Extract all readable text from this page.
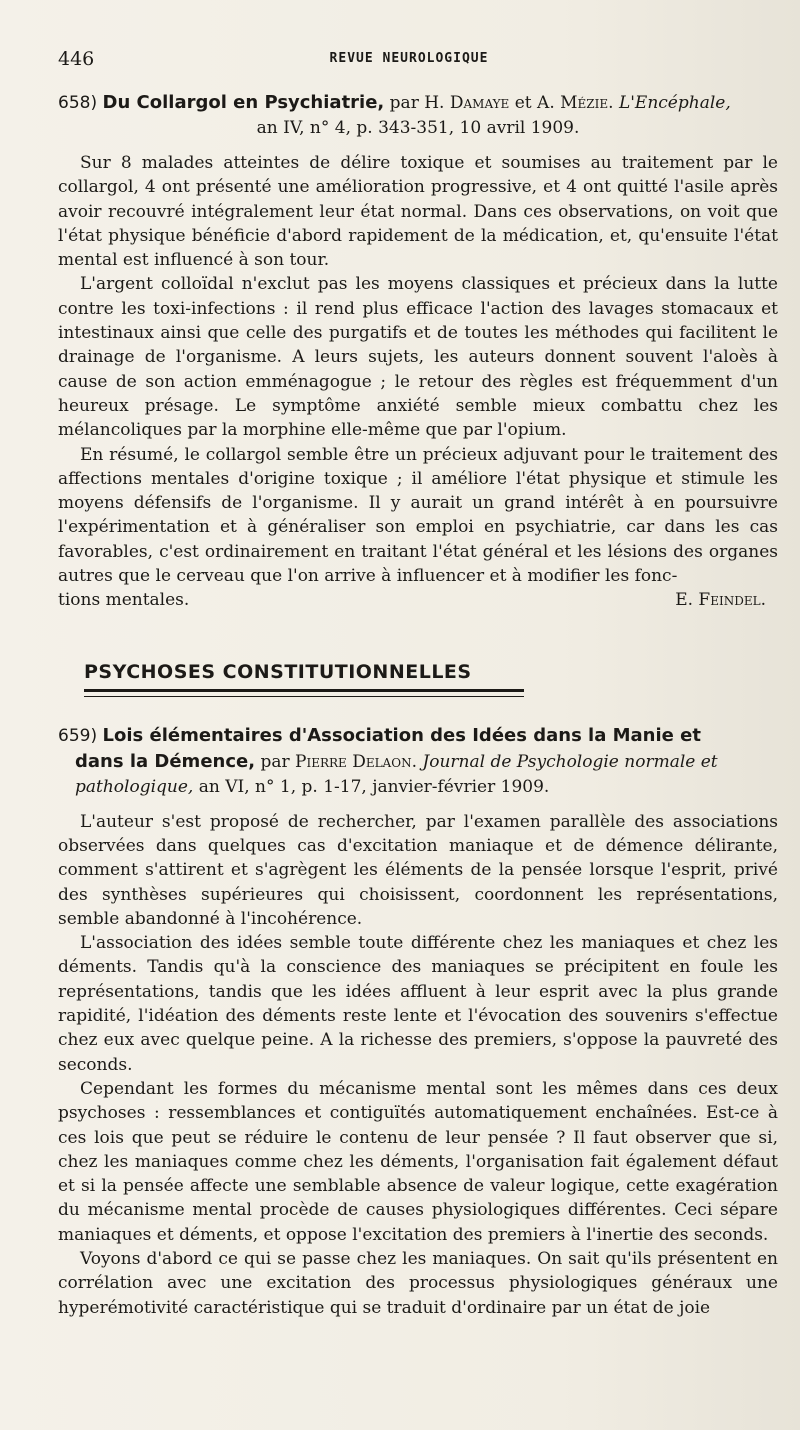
446	REVUE NEUROLOGIQUE

658) Du Collargol en Psychiatrie, par H. Damaye et A. Mézie. L'Encéphale,

an IV, n° 4, p. 343-351, 10 avril 1909.

Sur 8 malades atteintes de délire toxique et soumises au traitement par le collargol, 4 ont présenté une amélioration progressive, et 4 ont quitté l'asile après avoir recouvré intégralement leur état normal. Dans ces observations, on voit que l'état physique bénéficie d'abord rapidement de la médication, et, qu'ensuite l'état mental est influencé à son tour.

L'argent colloïdal n'exclut pas les moyens classiques et précieux dans la lutte contre les toxi-infections : il rend plus efficace l'action des lavages stomacaux et intestinaux ainsi que celle des purgatifs et de toutes les méthodes qui facilitent le drainage de l'organisme. A leurs sujets, les auteurs donnent souvent l'aloès à cause de son action emménagogue ; le retour des règles est fréquemment d'un heureux présage. Le symptôme anxiété semble mieux combattu chez les mélancoliques par la morphine elle-même que par l'opium.

En résumé, le collargol semble être un précieux adjuvant pour le traitement des affections mentales d'origine toxique ; il améliore l'état physique et stimule les moyens défensifs de l'organisme. Il y aurait un grand intérêt à en poursuivre l'expérimentation et à généraliser son emploi en psychiatrie, car dans les cas favorables, c'est ordinairement en traitant l'état général et les lésions des organes autres que le cerveau que l'on arrive à influencer et à modifier les fonc-

tions mentales.	E. Feindel.
PSYCHOSES CONSTITUTIONNELLES

659) Lois élémentaires d'Association des Idées dans la Manie et

dans la Démence, par Pierre Delaon. Journal de Psychologie normale et pathologique, an VI, n° 1, p. 1-17, janvier-février 1909.

L'auteur s'est proposé de rechercher, par l'examen parallèle des associations observées dans quelques cas d'excitation maniaque et de démence délirante, comment s'attirent et s'agrègent les éléments de la pensée lorsque l'esprit, privé des synthèses supérieures qui choisissent, coordonnent les représentations, semble abandonné à l'incohérence.

L'association des idées semble toute différente chez les maniaques et chez les déments. Tandis qu'à la conscience des maniaques se précipitent en foule les représentations, tandis que les idées affluent à leur esprit avec la plus grande rapidité, l'idéation des déments reste lente et l'évocation des souvenirs s'effectue chez eux avec quelque peine. A la richesse des premiers, s'oppose la pauvreté des seconds.

Cependant les formes du mécanisme mental sont les mêmes dans ces deux psychoses : ressemblances et contiguïtés automatiquement enchaînées. Est-ce à ces lois que peut se réduire le contenu de leur pensée ? Il faut observer que si, chez les maniaques comme chez les déments, l'organisation fait également défaut et si la pensée affecte une semblable absence de valeur logique, cette exagération du mécanisme mental procède de causes physiologiques différentes. Ceci sépare maniaques et déments, et oppose l'excitation des premiers à l'inertie des seconds.

Voyons d'abord ce qui se passe chez les maniaques. On sait qu'ils présentent en corrélation avec une excitation des processus physiologiques généraux une hyperémotivité caractéristique qui se traduit d'ordinaire par un état de joie
